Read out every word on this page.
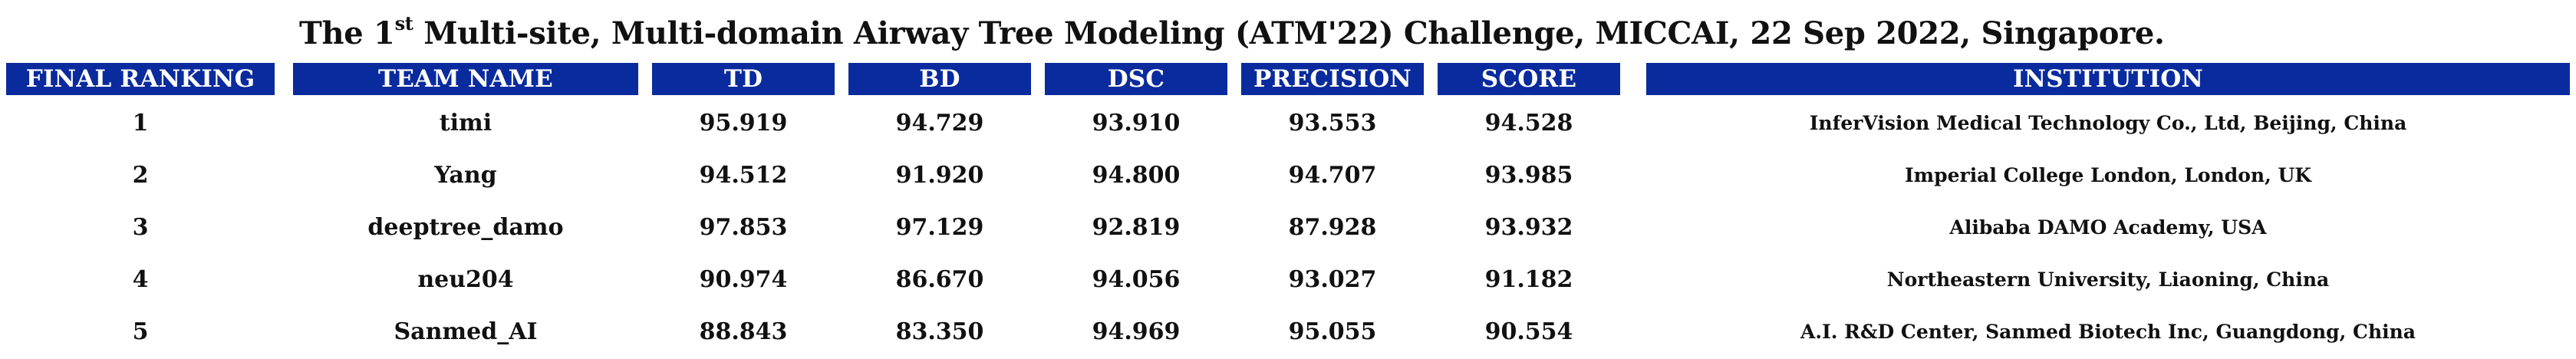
The 1st Multi-site, Multi-domain Airway Tree Modeling (ATM'22) Challenge, MICCAI, 22 Sep 2022, Singapore.
FINAL RANKING	TEAM NAME	TD	BD	DSC	PRECISION	SCORE	INSTITUTION
1	timi	95.919	94.729	93.910	93.553	94.528	InferVision Medical Technology Co., Ltd, Beijing, China
2	Yang	94.512	91.920	94.800	94.707	93.985	Imperial College London, London, UK
3	deeptree_damo	97.853	97.129	92.819	87.928	93.932	Alibaba DAMO Academy, USA
4	neu204	90.974	86.670	94.056	93.027	91.182	Northeastern University, Liaoning, China
5	Sanmed_AI	88.843	83.350	94.969	95.055	90.554	A.I. R&D Center, Sanmed Biotech Inc, Guangdong, China
